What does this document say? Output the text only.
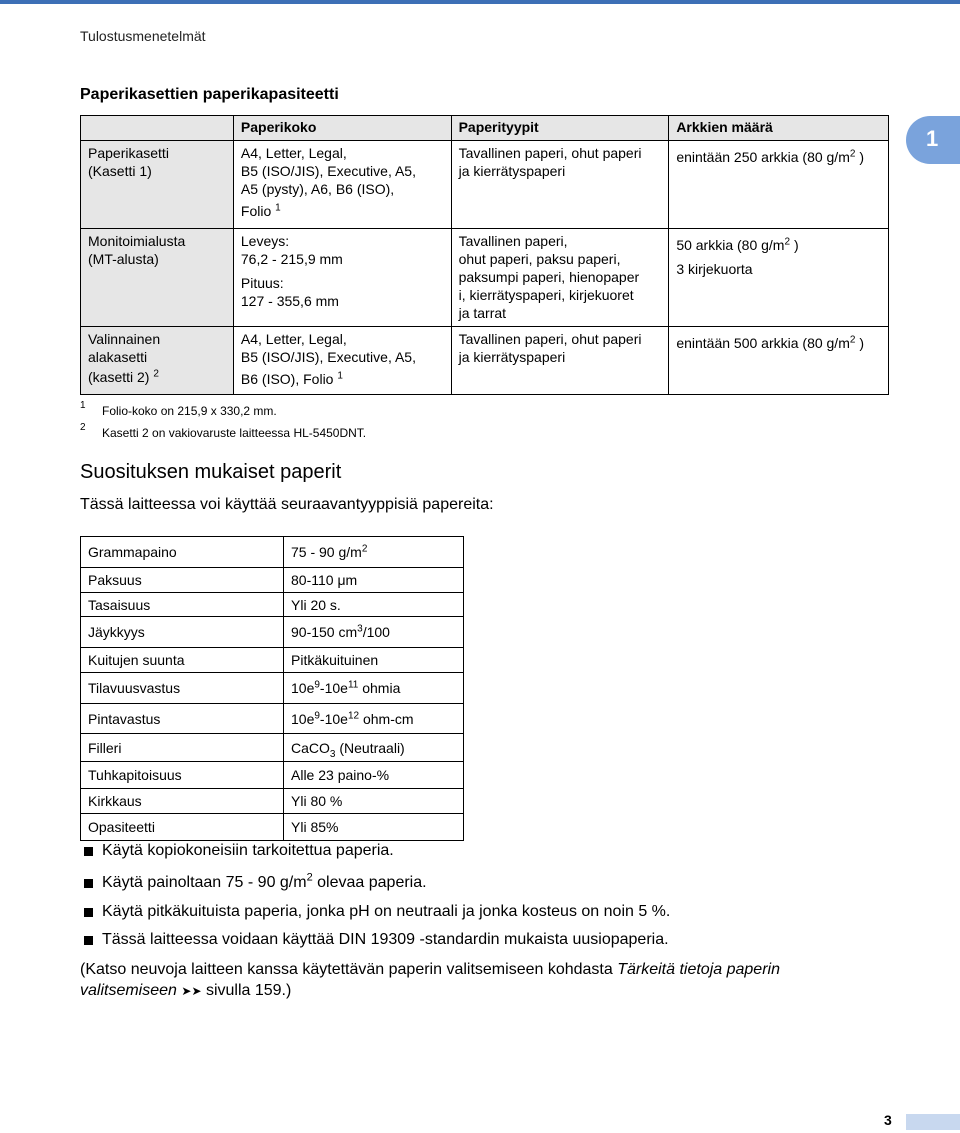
Tulostusmenetelmät
1
Paperikasettien paperikapasiteetti
	Paperikoko	Paperityypit	Arkkien määrä

Paperikasetti
(Kasetti 1)	A4, Letter, Legal,
B5 (ISO/JIS), Executive, A5,
A5 (pysty), A6, B6 (ISO),
Folio $^1$	Tavallinen paperi, ohut paperi
ja kierrätyspaperi	enintään 250 arkkia (80 $g/m^2$ )

Monitoimialusta
(MT-alusta)	Leveys:
76,2 - 215,9 mm
Pituus:
127 - 355,6 mm	Tavallinen paperi,
ohut paperi, paksu paperi,
paksumpi paperi, hienopaper
i, kierrätyspaperi, kirjekuoret
ja tarrat	50 arkkia (80 $g/m^2$ )
3 kirjekuorta

Valinnainen
alakasetti
(kasetti 2) $^2$	A4, Letter, Legal,
B5 (ISO/JIS), Executive, A5,
B6 (ISO), Folio $^1$	Tavallinen paperi, ohut paperi
ja kierrätyspaperi	enintään 500 arkkia (80 $g/m^2$ )
1 Folio-koko on 215,9 x 330,2 mm.
2 Kasetti 2 on vakiovaruste laitteessa HL-5450DNT.
Suosituksen mukaiset paperit

Tässä laitteessa voi käyttää seuraavantyyppisiä papereita:

Grammapaino	75 - 90 $g/m^2$
Paksuus	80-110 μm
Tasaisuus	Yli 20 s.
Jäykkyys	90-150 $cm^3/100$
Kuitujen suunta	Pitkäkuituinen
Tilavuusvastus	$10e^9-10e^{11}$ ohmia
Pintavastus	$10e^9-10e^{12}$ ohm-cm
Filleri	CaCO$_3$ (Neutraali)
Tuhkapitoisuus	Alle 23 paino-%
Kirkkaus	Yli 80 %
Opasiteetti	Yli 85%
Käytä kopiokoneisiin tarkoitettua paperia.
Käytä painoltaan 75 - 90 $g/m^2$ olevaa paperia.
Käytä pitkäkuituista paperia, jonka pH on neutraali ja jonka kosteus on noin 5 %.
Tässä laitteessa voidaan käyttää DIN 19309 -standardin mukaista uusiopaperia.

(Katso neuvoja laitteen kanssa käytettävän paperin valitsemiseen kohdasta Tärkeitä tietoja paperin valitsemiseen ➤➤ sivulla 159.)

3
